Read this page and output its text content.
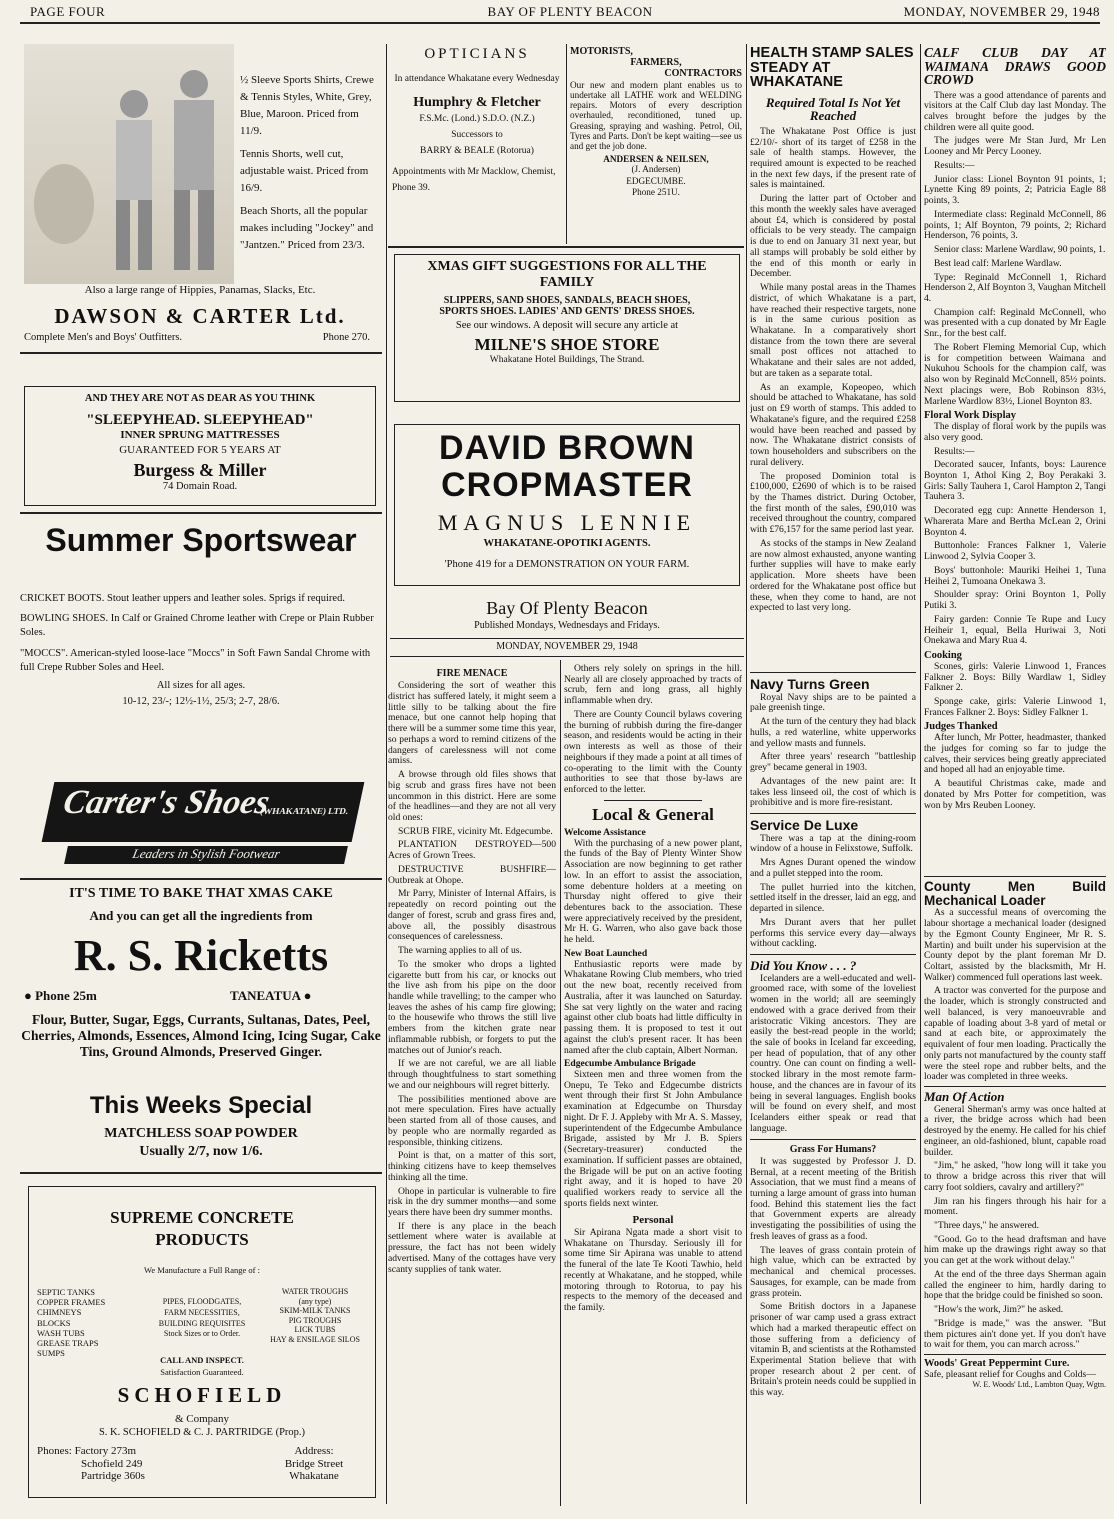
PAGE FOUR	BAY OF PLENTY BEACON	MONDAY, NOVEMBER 29, 1948
½ Sleeve Sports Shirts, Crewe & Tennis Styles, White, Grey, Blue, Maroon. Priced from 11/9.
Tennis Shorts, well cut, adjustable waist. Priced from 16/9.
Beach Shorts, all the popular makes including "Jockey" and "Jantzen." Priced from 23/3.
Also a large range of Hippies, Panamas, Slacks, Etc.
DAWSON & CARTER Ltd.
Complete Men's and Boys' Outfitters.	Phone 270.
AND THEY ARE NOT AS DEAR AS YOU THINK
"SLEEPYHEAD. SLEEPYHEAD"
INNER SPRUNG MATTRESSES
GUARANTEED FOR 5 YEARS AT
Burgess & Miller
74 Domain Road.
Summer Sportswear
CRICKET BOOTS. Stout leather uppers and leather soles. Sprigs if required.
BOWLING SHOES. In Calf or Grained Chrome leather with Crepe or Plain Rubber Soles.
"MOCCS". American-styled loose-lace "Moccs" in Soft Fawn Sandal Chrome with full Crepe Rubber Soles and Heel.
All sizes for all ages.
10-12, 23/-; 12½-1½, 25/3; 2-7, 28/6.
Carter's Shoes
(WHAKATANE) LTD.
Leaders in Stylish Footwear
IT'S TIME TO BAKE THAT XMAS CAKE
And you can get all the ingredients from
R. S. Ricketts
● Phone 25m	TANEATUA ●
Flour, Butter, Sugar, Eggs, Currants, Sultanas, Dates, Peel, Cherries, Almonds, Essences, Almond Icing, Icing Sugar, Cake Tins, Ground Almonds, Preserved Ginger.
This Weeks Special
MATCHLESS SOAP POWDER
Usually 2/7, now 1/6.
SUPREME CONCRETE PRODUCTS
We Manufacture a Full Range of :
SEPTIC TANKS
COPPER FRAMES
CHIMNEYS
BLOCKS
WASH TUBS
GREASE TRAPS
SUMPS
PIPES, FLOODGATES,
FARM NECESSITIES,
BUILDING REQUISITES
Stock Sizes or to Order.
WATER TROUGHS
(any type)
SKIM-MILK TANKS
PIG TROUGHS
LICK TUBS
HAY & ENSILAGE SILOS
CALL AND INSPECT.
Satisfaction Guaranteed.
SCHOFIELD
& Company
S. K. SCHOFIELD & C. J. PARTRIDGE (Prop.)
Phones: Factory 273m
Schofield 249
Partridge 360s
Address:
Bridge Street
Whakatane
OPTICIANS
In attendance Whakatane every Wednesday
Humphry & Fletcher
F.S.Mc. (Lond.) S.D.O. (N.Z.)
Successors to
BARRY & BEALE (Rotorua)
Appointments with Mr Macklow, Chemist, Phone 39.
MOTORISTS,
FARMERS,
CONTRACTORS
Our new and modern plant enables us to undertake all LATHE work and WELDING repairs. Motors of every description overhauled, reconditioned, tuned up. Greasing, spraying and washing. Petrol, Oil, Tyres and Parts. Don't be kept waiting—see us and get the job done.
ANDERSEN & NEILSEN,
(J. Andersen)
EDGECUMBE.
Phone 251U.
XMAS GIFT SUGGESTIONS FOR ALL THE FAMILY
SLIPPERS, SAND SHOES, SANDALS, BEACH SHOES, SPORTS SHOES. LADIES' AND GENTS' DRESS SHOES.
See our windows. A deposit will secure any article at
MILNE'S SHOE STORE
Whakatane Hotel Buildings, The Strand.
DAVID BROWN
CROPMASTER
MAGNUS LENNIE
WHAKATANE-OPOTIKI AGENTS.
'Phone 419 for a DEMONSTRATION ON YOUR FARM.
Bay Of Plenty Beacon
Published Mondays, Wednesdays and Fridays.
MONDAY, NOVEMBER 29, 1948
FIRE MENACE

Considering the sort of weather this district has suffered lately, it might seem a little silly to be talking about the fire menace, but one cannot help hoping that there will be a summer some time this year, so perhaps a word to remind citizens of the dangers of carelessness will not come amiss.

A browse through old files shows that big scrub and grass fires have not been uncommon in this district. Here are some of the headlines—and they are not all very old ones:

SCRUB FIRE, vicinity Mt. Edgecumbe.

PLANTATION DESTROYED—500 Acres of Grown Trees.

DESTRUCTIVE BUSHFIRE—Outbreak at Ohope.

Mr Parry, Minister of Internal Affairs, is repeatedly on record pointing out the danger of forest, scrub and grass fires and, above all, the possibly disastrous consequences of carelessness.

The warning applies to all of us.

To the smoker who drops a lighted cigarette butt from his car, or knocks out the live ash from his pipe on the door handle while travelling; to the camper who leaves the ashes of his camp fire glowing; to the housewife who throws the still live embers from the kitchen grate near inflammable rubbish, or forgets to put the matches out of Junior's reach.

If we are not careful, we are all liable through thoughtfulness to start something we and our neighbours will regret bitterly.

The possibilities mentioned above are not mere speculation. Fires have actually been started from all of those causes, and by people who are normally regarded as responsible, thinking citizens.

Point is that, on a matter of this sort, thinking citizens have to keep themselves thinking all the time.

Ohope in particular is vulnerable to fire risk in the dry summer months—and some years there have been dry summer months.

If there is any place in the beach settlement where water is available at pressure, the fact has not been widely advertised. Many of the cottages have very scanty supplies of tank water.

Others rely solely on springs in the hill. Nearly all are closely approached by tracts of scrub, fern and long grass, all highly inflammable when dry.

There are County Council bylaws covering the burning of rubbish during the fire-danger season, and residents would be acting in their own interests as well as those of their neighbours if they made a point at all times of co-operating to the limit with the County authorities to see that those by-laws are enforced to the letter.

Local & General
Welcome Assistance

With the purchasing of a new power plant, the funds of the Bay of Plenty Winter Show Association are now beginning to get rather low. In an effort to assist the association, some debenture holders at a meeting on Thursday night offered to give their debentures back to the association. These were appreciatively received by the president, Mr H. G. Warren, who also gave back those he held.

New Boat Launched

Enthusiastic reports were made by Whakatane Rowing Club members, who tried out the new boat, recently received from Australia, after it was launched on Saturday. She sat very lightly on the water and racing against other club boats had little difficulty in passing them. It is proposed to test it out against the club's present racer. It has been named after the club captain, Albert Norman.

Edgecumbe Ambulance Brigade

Sixteen men and three women from the Onepu, Te Teko and Edgecumbe districts went through their first St John Ambulance examination at Edgecumbe on Thursday night. Dr F. J. Appleby with Mr A. S. Massey, superintendent of the Edgecumbe Ambulance Brigade, assisted by Mr J. B. Spiers (Secretary-treasurer) conducted the examination. If sufficient passes are obtained, the Brigade will be put on an active footing right away, and it is hoped to have 20 qualified workers ready to service all the sports fields next winter.

Personal

Sir Apirana Ngata made a short visit to Whakatane on Thursday. Seriously ill for some time Sir Apirana was unable to attend the funeral of the late Te Kooti Tawhio, held recently at Whakatane, and he stopped, while motoring through to Rotorua, to pay his respects to the memory of the deceased and the family.

HEALTH STAMP SALES STEADY AT WHAKATANE
Required Total Is Not Yet Reached

The Whakatane Post Office is just £2/10/- short of its target of £258 in the sale of health stamps. However, the required amount is expected to be reached in the next few days, if the present rate of sales is maintained.

During the latter part of October and this month the weekly sales have averaged about £4, which is considered by postal officials to be very steady. The campaign is due to end on January 31 next year, but all stamps will probably be sold either by the end of this month or early in December.

While many postal areas in the Thames district, of which Whakatane is a part, have reached their respective targets, none is in the same curious position as Whakatane. In a comparatively short distance from the town there are several small post offices not attached to Whakatane and their sales are not added, but are taken as a separate total.

As an example, Kopeopeo, which should be attached to Whakatane, has sold just on £9 worth of stamps. This added to Whakatane's figure, and the required £258 would have been reached and passed by now. The Whakatane district consists of town householders and subscribers on the rural delivery.

The proposed Dominion total is £100,000, £2690 of which is to be raised by the Thames district. During October, the first month of the sales, £90,010 was received throughout the country, compared with £76,157 for the same period last year.

As stocks of the stamps in New Zealand are now almost exhausted, anyone wanting further supplies will have to make early application. More sheets have been ordered for the Whakatane post office but these, when they come to hand, are not expected to last very long.

Navy Turns Green

Royal Navy ships are to be painted a pale greenish tinge.

At the turn of the century they had black hulls, a red waterline, white upperworks and yellow masts and funnels.

After three years' research "battleship grey" became general in 1903.

Advantages of the new paint are: It takes less linseed oil, the cost of which is prohibitive and is more fire-resistant.

Service De Luxe

There was a tap at the dining-room window of a house in Felixstowe, Suffolk.

Mrs Agnes Durant opened the window and a pullet stepped into the room.

The pullet hurried into the kitchen, settled itself in the dresser, laid an egg, and departed in silence.

Mrs Durant avers that her pullet performs this service every day—always without cackling.

Did You Know . . . ?

Icelanders are a well-educated and well-groomed race, with some of the loveliest women in the world; all are seemingly endowed with a grace derived from their aristocratic Viking ancestors. They are easily the best-read people in the world; the sale of books in Iceland far exceeding, per head of population, that of any other country. One can count on finding a well-stocked library in the most remote farm-house, and the chances are in favour of its being in several languages. English books will be found on every shelf, and most Icelanders either speak or read that language.

Grass For Humans?

It was suggested by Professor J. D. Bernal, at a recent meeting of the British Association, that we must find a means of turning a large amount of grass into human food. Behind this statement lies the fact that Government experts are already investigating the possibilities of using the fresh leaves of grass as a food.

The leaves of grass contain protein of high value, which can be extracted by mechanical and chemical processes. Sausages, for example, can be made from grass protein.

Some British doctors in a Japanese prisoner of war camp used a grass extract which had a marked therapeutic effect on those suffering from a deficiency of vitamin B, and scientists at the Rothamsted Experimental Station believe that with proper research about 2 per cent. of Britain's protein needs could be supplied in this way.

CALF CLUB DAY AT WAIMANA DRAWS GOOD CROWD

There was a good attendance of parents and visitors at the Calf Club day last Monday. The calves brought before the judges by the children were all quite good.

The judges were Mr Stan Jurd, Mr Len Looney and Mr Percy Looney.

Results:—

Junior class: Lionel Boynton 91 points, 1; Lynette King 89 points, 2; Patricia Eagle 88 points, 3.

Intermediate class: Reginald McConnell, 86 points, 1; Alf Boynton, 79 points, 2; Richard Henderson, 76 points, 3.

Senior class: Marlene Wardlaw, 90 points, 1.

Best lead calf: Marlene Wardlaw.

Type: Reginald McConnell 1, Richard Henderson 2, Alf Boynton 3, Vaughan Mitchell 4.

Champion calf: Reginald McConnell, who was presented with a cup donated by Mr Eagle Snr., for the best calf.

The Robert Fleming Memorial Cup, which is for competition between Waimana and Nukuhou Schools for the champion calf, was also won by Reginald McConnell, 85½ points. Next placings were, Bob Robinson 83½, Marlene Wardlow 83½, Lionel Boynton 83.

Floral Work Display

The display of floral work by the pupils was also very good.

Results:—

Decorated saucer, Infants, boys: Laurence Boynton 1, Athol King 2, Boy Perakaki 3. Girls: Sally Tauhera 1, Carol Hampton 2, Tangi Tauhera 3.

Decorated egg cup: Annette Henderson 1, Wharerata Mare and Bertha McLean 2, Orini Boynton 4.

Buttonhole: Frances Falkner 1, Valerie Linwood 2, Sylvia Cooper 3.

Boys' buttonhole: Mauriki Heihei 1, Tuna Heihei 2, Tumoana Onekawa 3.

Shoulder spray: Orini Boynton 1, Polly Putiki 3.

Fairy garden: Connie Te Rupe and Lucy Heiheir 1, equal, Bella Huriwai 3, Noti Onekawa and Mary Rua 4.

Cooking

Scones, girls: Valerie Linwood 1, Frances Falkner 2. Boys: Billy Wardlaw 1, Sidley Falkner 2.

Sponge cake, girls: Valerie Linwood 1, Frances Falkner 2. Boys: Sidley Falkner 1.

Judges Thanked

After lunch, Mr Potter, headmaster, thanked the judges for coming so far to judge the calves, their services being greatly appreciated and hoped all had an enjoyable time.

A beautiful Christmas cake, made and donated by Mrs Potter for competition, was won by Mrs Reuben Looney.

County Men Build Mechanical Loader

As a successful means of overcoming the labour shortage a mechanical loader (designed by the Egmont County Engineer, Mr R. S. Martin) and built under his supervision at the County depot by the plant foreman Mr D. Coltart, assisted by the blacksmith, Mr H. Walker) commenced full operations last week.

A tractor was converted for the purpose and the loader, which is strongly constructed and well balanced, is very manoeuvrable and capable of loading about 3-8 yard of metal or sand at each bite, or approximately the equivalent of four men loading. Practically the only parts not manufactured by the county staff were the steel rope and rubber belts, and the loader was completed in three weeks.

Man Of Action

General Sherman's army was once halted at a river, the bridge across which had been destroyed by the enemy. He called for his chief engineer, an old-fashioned, blunt, capable road builder.

"Jim," he asked, "how long will it take you to throw a bridge across this river that will carry foot soldiers, cavalry and artillery?"

Jim ran his fingers through his hair for a moment.

"Three days," he answered.

"Good. Go to the head draftsman and have him make up the drawings right away so that you can get at the work without delay."

At the end of the three days Sherman again called the engineer to him, hardly daring to hope that the bridge could be finished so soon.

"How's the work, Jim?" he asked.

"Bridge is made," was the answer. "But them pictures ain't done yet. If you don't have to wait for them, you can march across."

Woods' Great Peppermint Cure.
Safe, pleasant relief for Coughs and Colds—
W. E. Woods' Ltd., Lambton Quay, Wgtn.
